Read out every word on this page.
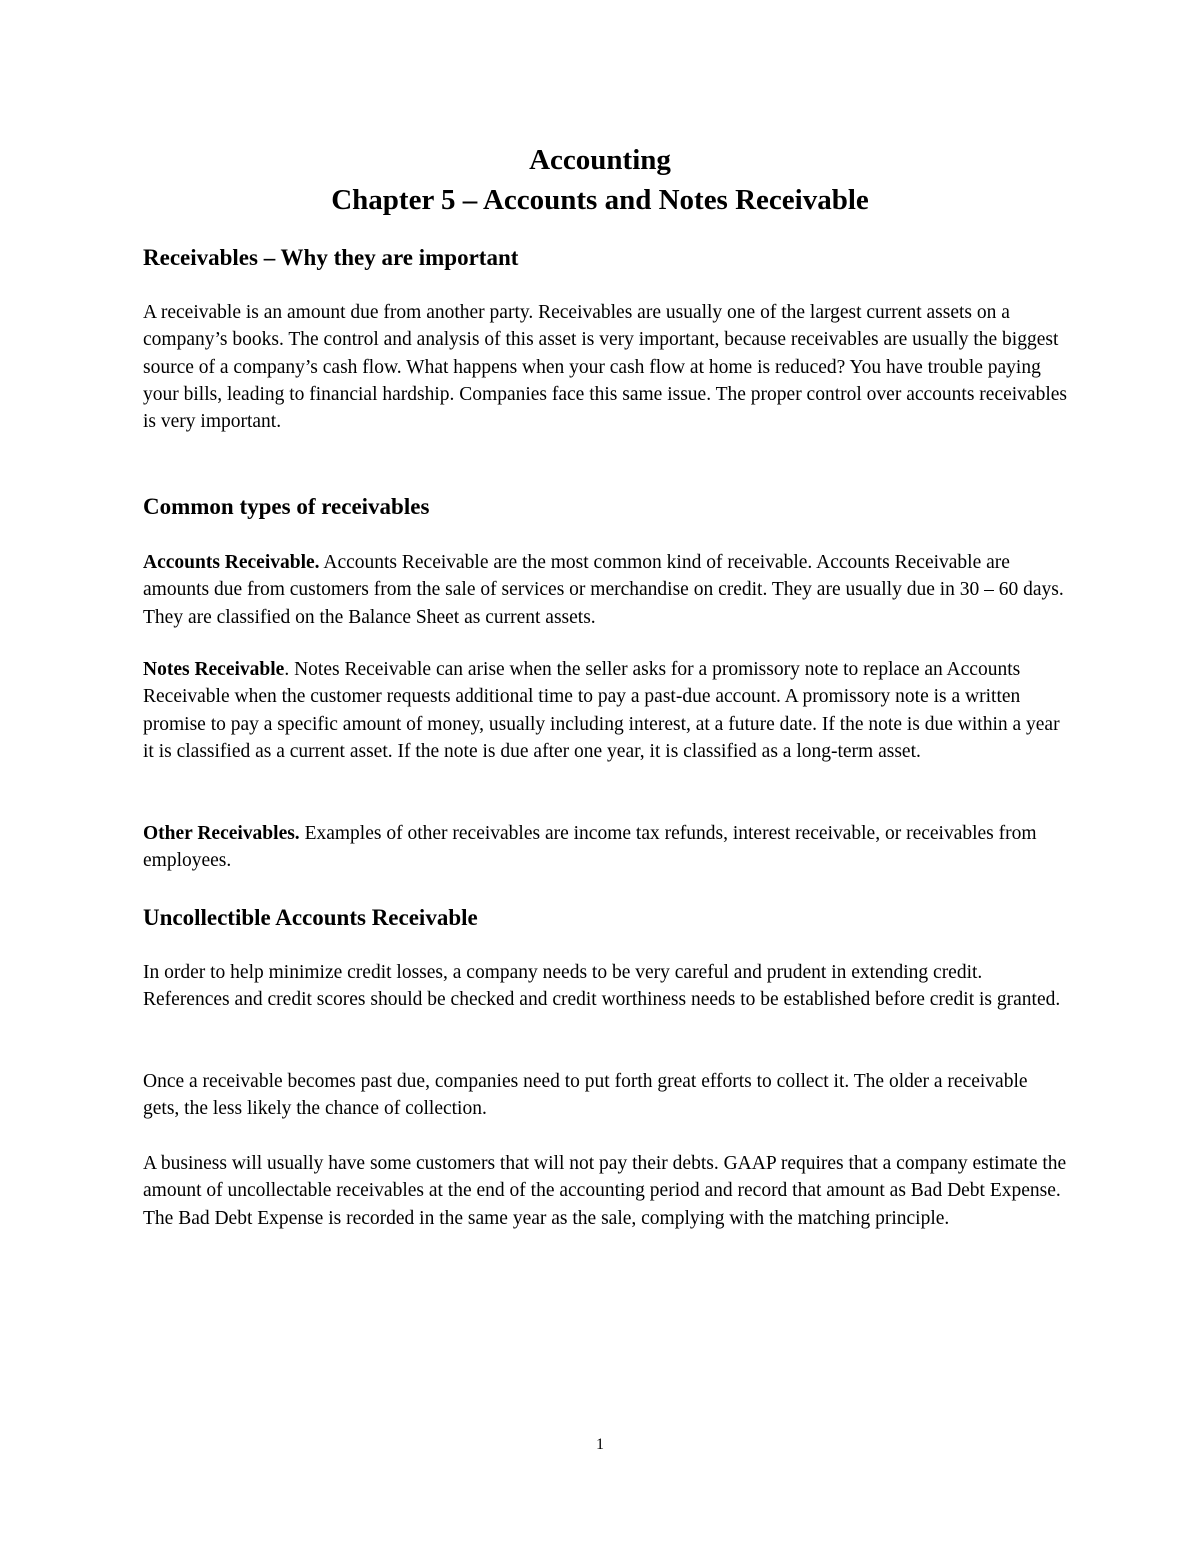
Accounting
Chapter 5 – Accounts and Notes Receivable
Receivables – Why they are important
A receivable is an amount due from another party. Receivables are usually one of the largest current assets on a company’s books. The control and analysis of this asset is very important, because receivables are usually the biggest source of a company’s cash flow. What happens when your cash flow at home is reduced? You have trouble paying your bills, leading to financial hardship. Companies face this same issue. The proper control over accounts receivables is very important.
Common types of receivables
Accounts Receivable. Accounts Receivable are the most common kind of receivable. Accounts Receivable are amounts due from customers from the sale of services or merchandise on credit. They are usually due in 30 – 60 days. They are classified on the Balance Sheet as current assets.
Notes Receivable. Notes Receivable can arise when the seller asks for a promissory note to replace an Accounts Receivable when the customer requests additional time to pay a past-due account. A promissory note is a written promise to pay a specific amount of money, usually including interest, at a future date. If the note is due within a year it is classified as a current asset. If the note is due after one year, it is classified as a long-term asset.
Other Receivables. Examples of other receivables are income tax refunds, interest receivable, or receivables from employees.
Uncollectible Accounts Receivable
In order to help minimize credit losses, a company needs to be very careful and prudent in extending credit. References and credit scores should be checked and credit worthiness needs to be established before credit is granted.
Once a receivable becomes past due, companies need to put forth great efforts to collect it. The older a receivable gets, the less likely the chance of collection.
A business will usually have some customers that will not pay their debts. GAAP requires that a company estimate the amount of uncollectable receivables at the end of the accounting period and record that amount as Bad Debt Expense. The Bad Debt Expense is recorded in the same year as the sale, complying with the matching principle.
1
